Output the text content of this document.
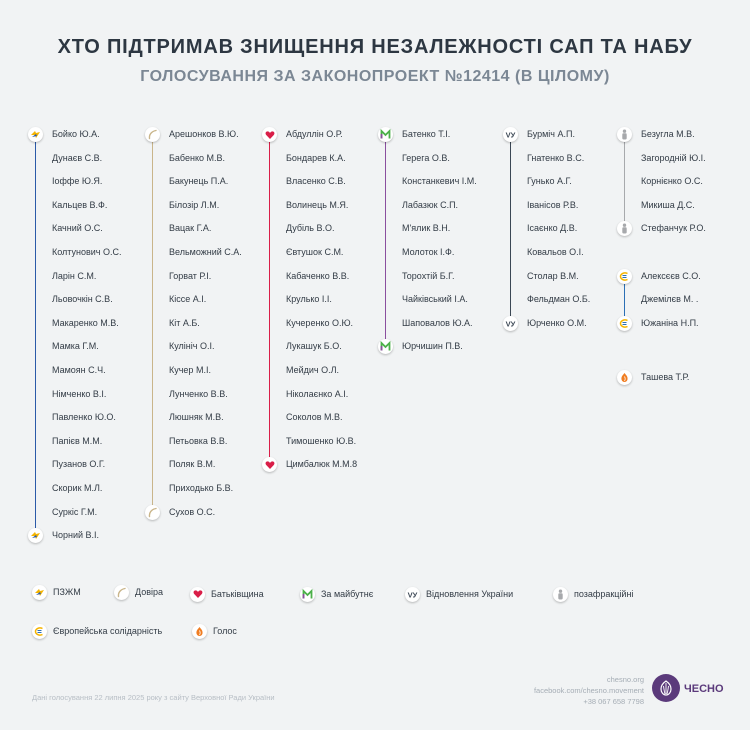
ХТО ПІДТРИМАВ ЗНИЩЕННЯ НЕЗАЛЕЖНОСТІ САП ТА НАБУ
ГОЛОСУВАННЯ ЗА ЗАКОНОПРОЕКТ №12414 (В ЦІЛОМУ)
Бойко Ю.А.
Дунаєв С.В.
Іоффе Ю.Я.
Кальцев В.Ф.
Качний О.С.
Колтунович О.С.
Ларін С.М.
Льовочкін С.В.
Макаренко М.В.
Мамка Г.М.
Мамоян С.Ч.
Німченко В.І.
Павленко Ю.О.
Папієв М.М.
Пузанов О.Г.
Скорик М.Л.
Суркіс Г.М.
Чорний В.І.
Арешонков В.Ю.
Бабенко М.В.
Бакунець П.А.
Білозір Л.М.
Вацак Г.А.
Вельможний С.А.
Горват Р.І.
Кіссе А.І.
Кіт А.Б.
Кулініч О.І.
Кучер М.І.
Лунченко В.В.
Люшняк М.В.
Петьовка В.В.
Поляк В.М.
Приходько Б.В.
Сухов О.С.
Абдуллін О.Р.
Бондарев К.А.
Власенко С.В.
Волинець М.Я.
Дубіль В.О.
Євтушок С.М.
Кабаченко В.В.
Крулько І.І.
Кучеренко О.Ю.
Лукашук Б.О.
Мейдич О.Л.
Ніколаєнко А.І.
Соколов М.В.
Тимошенко Ю.В.
Цимбалюк М.М.8
Батенко Т.І.
Герега О.В.
Констанкевич І.М.
Лабазюк С.П.
М'ялик В.Н.
Молоток І.Ф.
Торохтій Б.Г.
Чайківський І.А.
Шаповалов Ю.А.
Юрчишин П.В.
VУ
VУ
Бурміч А.П.
Гнатенко В.С.
Гунько А.Г.
Іванісов Р.В.
Ісаєнко Д.В.
Ковальов О.І.
Столар В.М.
Фельдман О.Б.
Юрченко О.М.
Безугла М.В.
Загородній Ю.І.
Корнієнко О.С.
Микиша Д.С.
Стефанчук Р.О.
Алексєєв С.О.
Джемілєв М. .
Южаніна Н.П.
Ташева Т.Р.
ПЗЖМ	Довіра	Батьківщина	За майбутнє	VУ Відновлення України	позафракційні
Європейська солідарність	Голос
Дані голосування 22 липня 2025 року з сайту Верховної Ради України
chesno.org
facebook.com/chesno.movement
+38 067 658 7798
ЧЕСНО
